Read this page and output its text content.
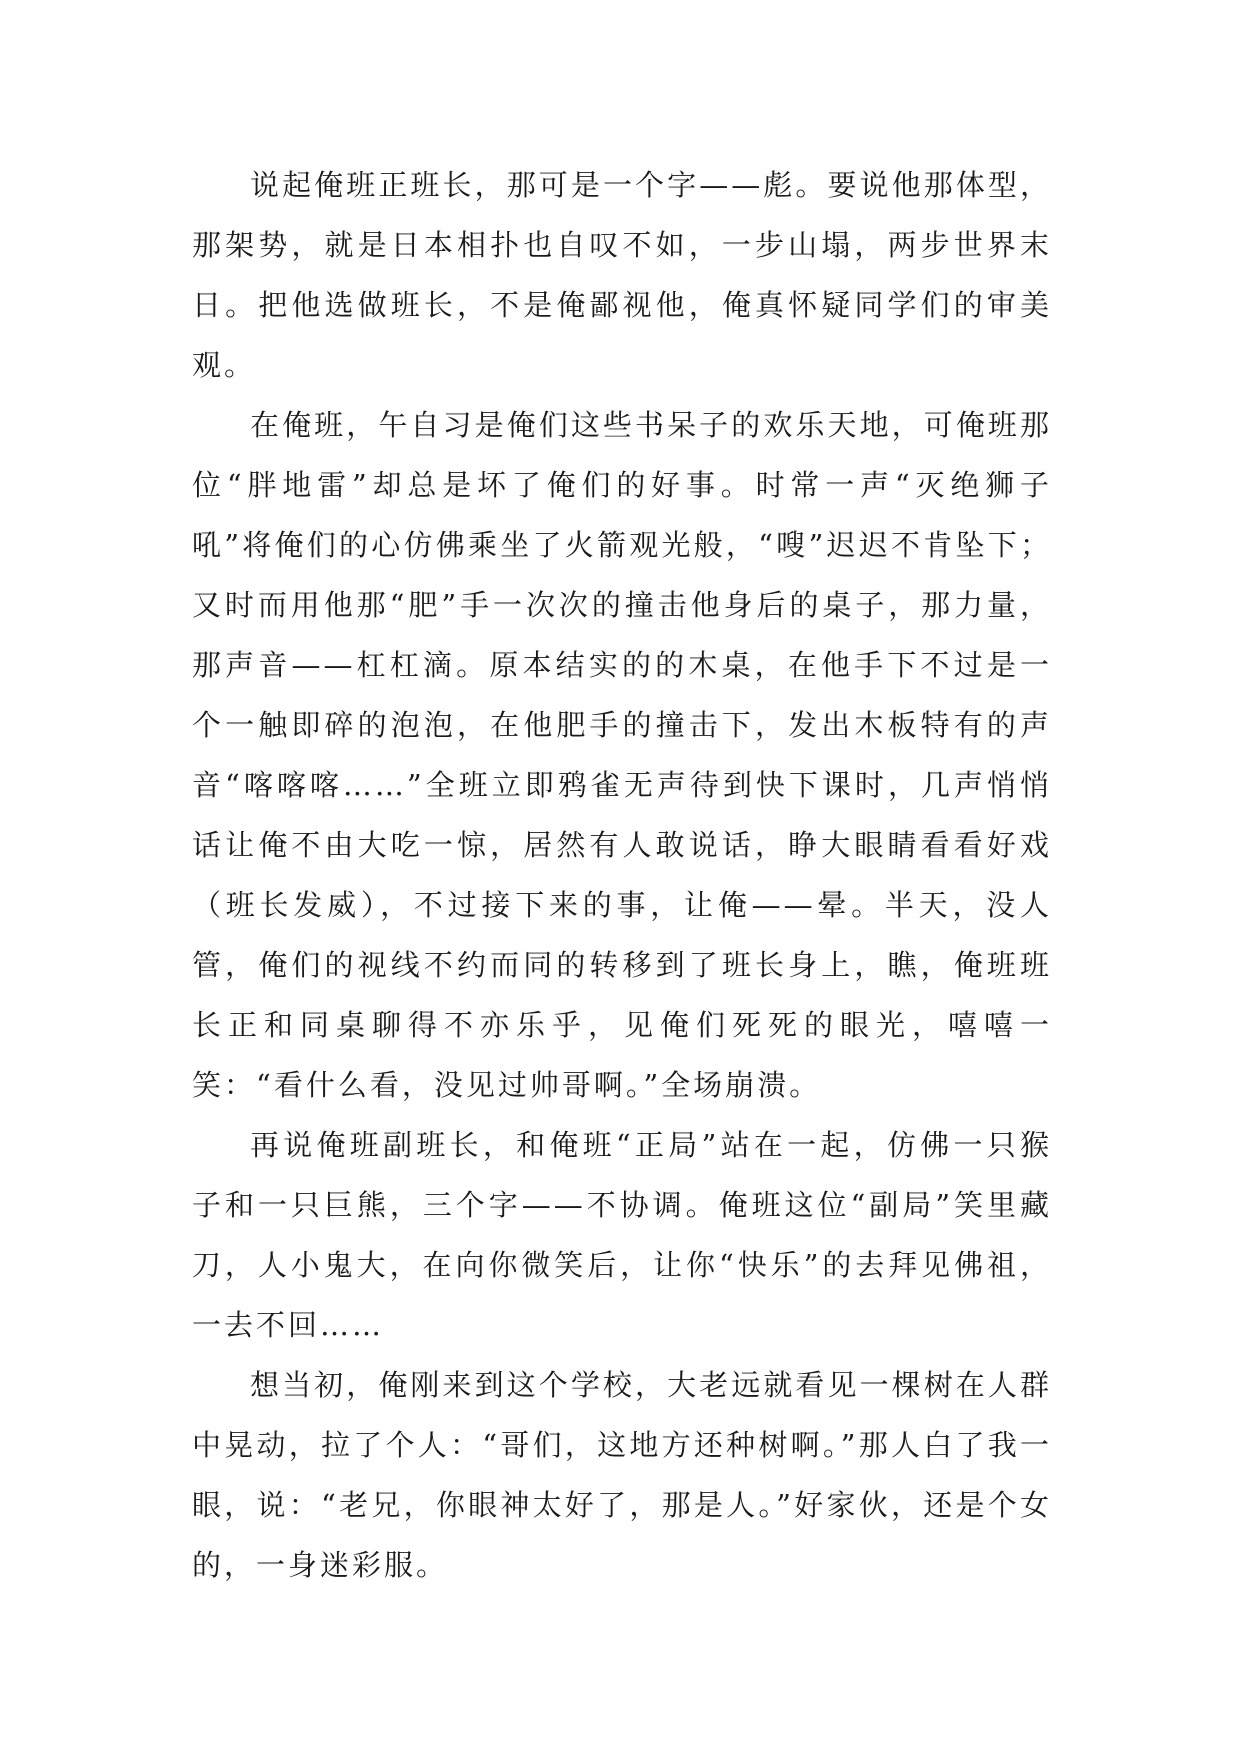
说起俺班正班长，那可是一个字——彪。要说他那体型，那架势，就是日本相扑也自叹不如，一步山塌，两步世界末日。把他选做班长，不是俺鄙视他，俺真怀疑同学们的审美观。

在俺班，午自习是俺们这些书呆子的欢乐天地，可俺班那位“胖地雷”却总是坏了俺们的好事。时常一声“灭绝狮子吼”将俺们的心仿佛乘坐了火箭观光般，“嗖”迟迟不肯坠下；又时而用他那“肥”手一次次的撞击他身后的桌子，那力量，那声音——杠杠滴。原本结实的的木桌，在他手下不过是一个一触即碎的泡泡，在他肥手的撞击下，发出木板特有的声音“喀喀喀……”全班立即鸦雀无声待到快下课时，几声悄悄话让俺不由大吃一惊，居然有人敢说话，睁大眼睛看看好戏（班长发威），不过接下来的事，让俺——晕。半天，没人管，俺们的视线不约而同的转移到了班长身上，瞧，俺班班长正和同桌聊得不亦乐乎，见俺们死死的眼光，嘻嘻一笑：“看什么看，没见过帅哥啊。”全场崩溃。

再说俺班副班长，和俺班“正局”站在一起，仿佛一只猴子和一只巨熊，三个字——不协调。俺班这位“副局”笑里藏刀，人小鬼大，在向你微笑后，让你“快乐”的去拜见佛祖，一去不回……

想当初，俺刚来到这个学校，大老远就看见一棵树在人群中晃动，拉了个人：“哥们，这地方还种树啊。”那人白了我一眼，说：“老兄，你眼神太好了，那是人。”好家伙，还是个女的，一身迷彩服。
